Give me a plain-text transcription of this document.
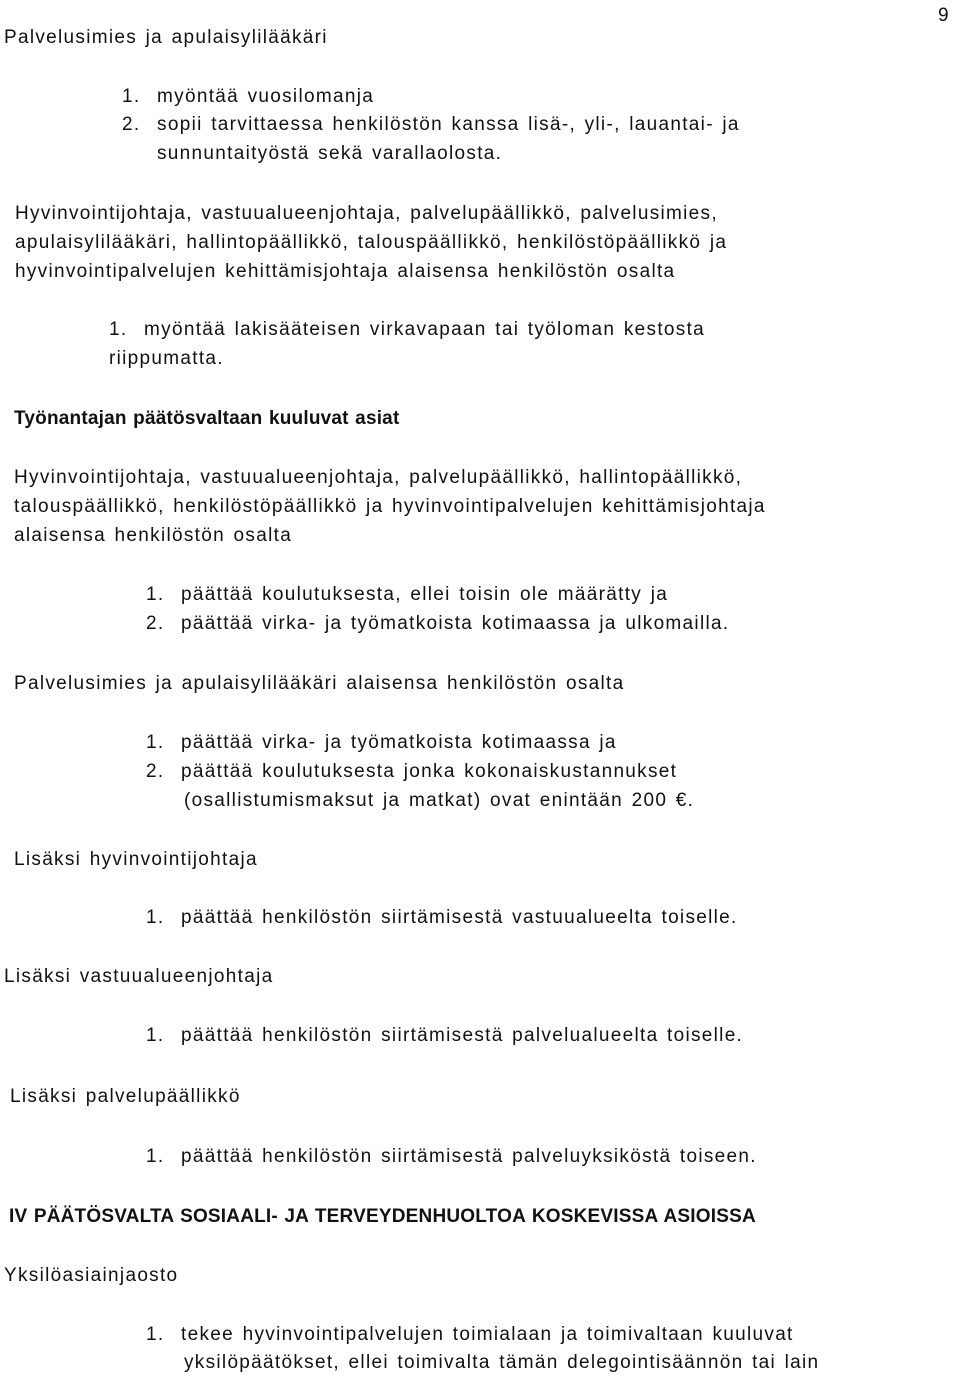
9
Palvelusimies ja apulaisylilääkäri
1. myöntää vuosilomanja
2. sopii tarvittaessa henkilöstön kanssa lisä-, yli-, lauantai- ja
sunnuntaityöstä sekä varallaolosta.
Hyvinvointijohtaja, vastuualueenjohtaja, palvelupäällikkö, palvelusimies,
apulaisylilääkäri, hallintopäällikkö, talouspäällikkö, henkilöstöpäällikkö ja
hyvinvointipalvelujen kehittämisjohtaja alaisensa henkilöstön osalta
1. myöntää lakisääteisen virkavapaan tai työloman kestosta
riippumatta.
Työnantajan päätösvaltaan kuuluvat asiat
Hyvinvointijohtaja, vastuualueenjohtaja, palvelupäällikkö, hallintopäällikkö,
talouspäällikkö, henkilöstöpäällikkö ja hyvinvointipalvelujen kehittämisjohtaja
alaisensa henkilöstön osalta
1. päättää koulutuksesta, ellei toisin ole määrätty ja
2. päättää virka- ja työmatkoista kotimaassa ja ulkomailla.
Palvelusimies ja apulaisylilääkäri alaisensa henkilöstön osalta
1. päättää virka- ja työmatkoista kotimaassa ja
2. päättää koulutuksesta jonka kokonaiskustannukset
(osallistumismaksut ja matkat) ovat enintään 200 €.
Lisäksi hyvinvointijohtaja
1. päättää henkilöstön siirtämisestä vastuualueelta toiselle.
Lisäksi vastuualueenjohtaja
1. päättää henkilöstön siirtämisestä palvelualueelta toiselle.
Lisäksi palvelupäällikkö
1. päättää henkilöstön siirtämisestä palveluyksiköstä toiseen.
IV PÄÄTÖSVALTA SOSIAALI- JA TERVEYDENHUOLTOA KOSKEVISSA ASIOISSA
Yksilöasiainjaosto
1. tekee hyvinvointipalvelujen toimialaan ja toimivaltaan kuuluvat
yksilöpäätökset, ellei toimivalta tämän delegointisäännön tai lain
